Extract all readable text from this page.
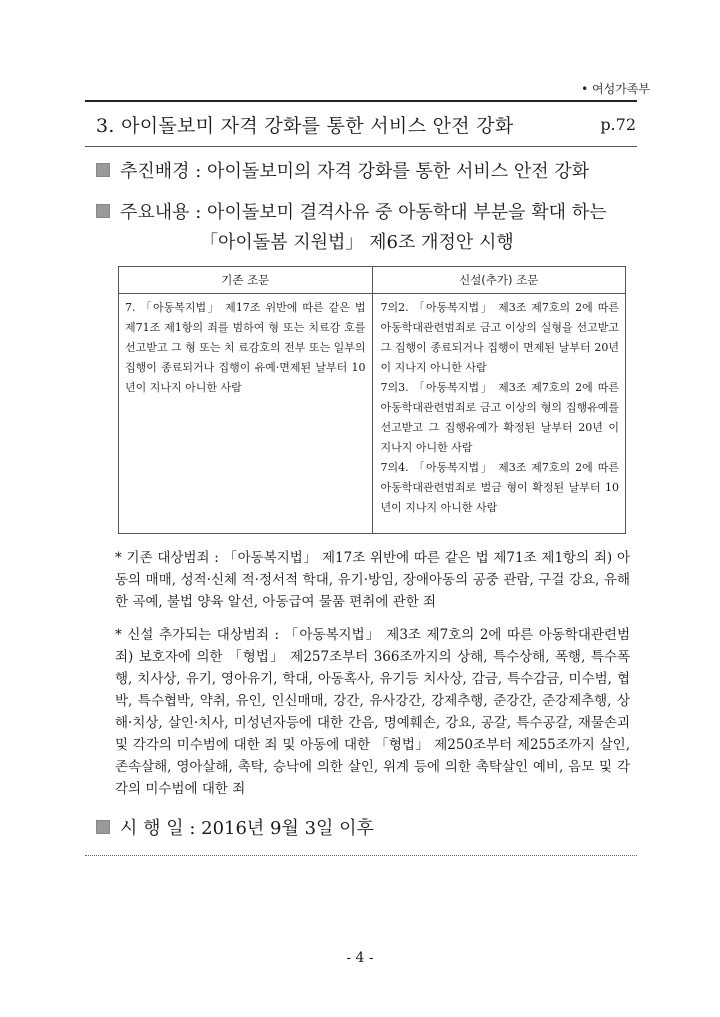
• 여성가족부
3. 아이돌보미 자격 강화를 통한 서비스 안전 강화	p.72
추진배경 : 아이돌보미의 자격 강화를 통한 서비스 안전 강화
주요내용 : 아이돌보미 결격사유 중 아동학대 부분을 확대 하는
「아이돌봄 지원법」 제6조 개정안 시행
기존 조문	신설(추가) 조문
7. 「아동복지법」 제17조 위반에 따른 같은 법 제71조 제1항의 죄를 범하여 형 또는 치료감 호를 선고받고 그 형 또는 치 료감호의 전부 또는 일부의 집행이 종료되거나 집행이 유예·면제된 날부터 10년이 지나지 아니한 사람	7의2. 「아동복지법」 제3조 제7호의 2에 따른 아동학대관련범죄로 금고 이상의 실형을 선고받고 그 집행이 종료되거나 집행이 면제된 날부터 20년이 지나지 아니한 사람
7의3. 「아동복지법」 제3조 제7호의 2에 따른 아동학대관련범죄로 금고 이상의 형의 집행유예를 선고받고 그 집행유예가 확정된 날부터 20년 이 지나지 아니한 사람
7의4. 「아동복지법」 제3조 제7호의 2에 따른 아동학대관련범죄로 벌금 형이 확정된 날부터 10년이 지나지 아니한 사람
* 기존 대상범죄 : 「아동복지법」 제17조 위반에 따른 같은 법 제71조 제1항의 죄) 아동의 매매, 성적·신체 적·정서적 학대, 유기·방임, 장애아동의 공중 관람, 구걸 강요, 유해한 곡예, 불법 양육 알선, 아동급여 물품 편취에 관한 죄
* 신설 추가되는 대상범죄 : 「아동복지법」 제3조 제7호의 2에 따른 아동학대관련범죄) 보호자에 의한 「형법」 제257조부터 366조까지의 상해, 특수상해, 폭행, 특수폭행, 치사상, 유기, 영아유기, 학대, 아동혹사, 유기등 치사상, 감금, 특수감금, 미수범, 협박, 특수협박, 약취, 유인, 인신매매, 강간, 유사강간, 강제추행, 준강간, 준강제추행, 상해·치상, 살인·치사, 미성년자등에 대한 간음, 명예훼손, 강요, 공갈, 특수공갈, 재물손괴 및 각각의 미수범에 대한 죄 및 아동에 대한 「형법」 제250조부터 제255조까지 살인, 존속살해, 영아살해, 촉탁, 승낙에 의한 살인, 위계 등에 의한 촉탁살인 예비, 음모 및 각각의 미수범에 대한 죄
시 행 일 : 2016년 9월 3일 이후
- 4 -
